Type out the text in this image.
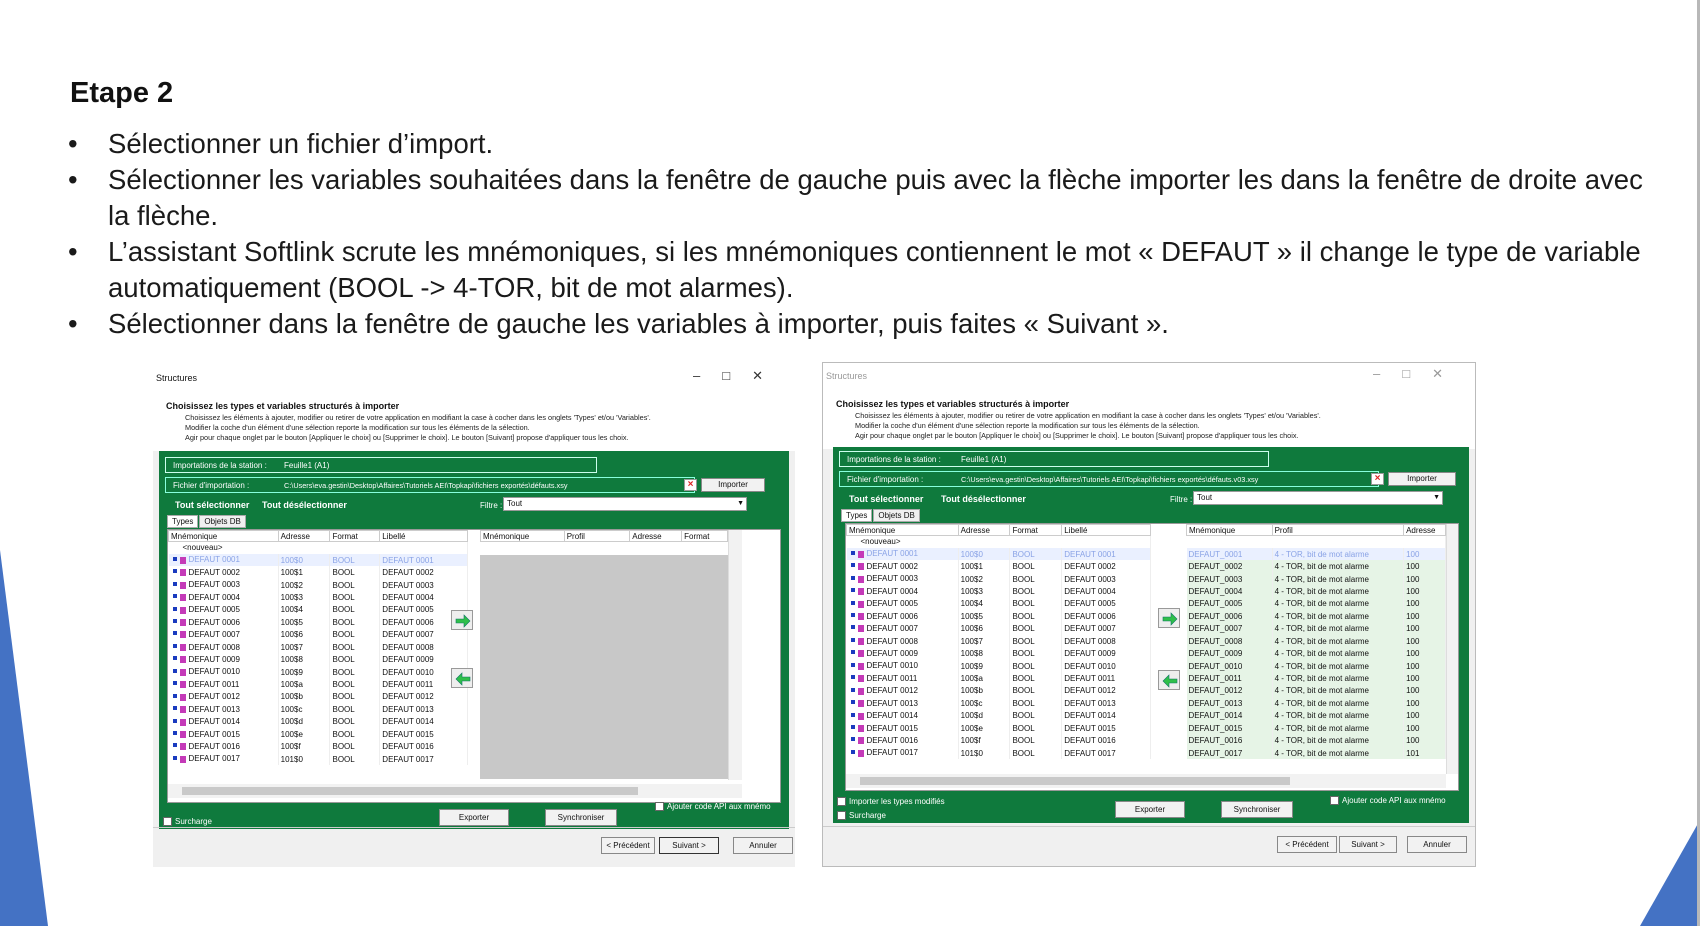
Etape 2
• Sélectionner un fichier d’import.
• Sélectionner les variables souhaitées dans la fenêtre de gauche puis avec la flèche importer les dans la fenêtre de droite avec la flèche.
• L’assistant Softlink scrute les mnémoniques, si les mnémoniques contiennent le mot « DEFAUT » il change le type de variable automatiquement (BOOL -> 4-TOR, bit de mot alarmes).
• Sélectionner dans la fenêtre de gauche les variables à importer, puis faites « Suivant ».
Structures	–□✕
Choisissez les types et variables structurés à importer
Choisissez les éléments à ajouter, modifier ou retirer de votre application en modifiant la case à cocher dans les onglets 'Types' et/ou 'Variables'.
Modifier la coche d'un élément d'une sélection reporte la modification sur tous les éléments de la sélection.
Agir pour chaque onglet par le bouton [Appliquer le choix] ou [Supprimer le choix]. Le bouton [Suivant] propose d'appliquer tous les choix.
Importations de la station : Feuille1 (A1)
Fichier d'importation :	C:\Users\eva.gestin\Desktop\Affaires\Tutoriels AEI\Topkapi\fichiers exportés\défauts.xsy	×	Importer
Tout sélectionner Tout désélectionner	Filtre : Tout	▼
Types Objets DB
Mnémonique	Adresse	Format	Libellé
<nouveau>			

DEFAUT 0001	100$0	BOOL	DEFAUT 0001

DEFAUT 0002	100$1	BOOL	DEFAUT 0002

DEFAUT 0003	100$2	BOOL	DEFAUT 0003

DEFAUT 0004	100$3	BOOL	DEFAUT 0004

DEFAUT 0005	100$4	BOOL	DEFAUT 0005

DEFAUT 0006	100$5	BOOL	DEFAUT 0006

DEFAUT 0007	100$6	BOOL	DEFAUT 0007

DEFAUT 0008	100$7	BOOL	DEFAUT 0008

DEFAUT 0009	100$8	BOOL	DEFAUT 0009

DEFAUT 0010	100$9	BOOL	DEFAUT 0010

DEFAUT 0011	100$a	BOOL	DEFAUT 0011

DEFAUT 0012	100$b	BOOL	DEFAUT 0012

DEFAUT 0013	100$c	BOOL	DEFAUT 0013

DEFAUT 0014	100$d	BOOL	DEFAUT 0014

DEFAUT 0015	100$e	BOOL	DEFAUT 0015

DEFAUT 0016	100$f	BOOL	DEFAUT 0016

DEFAUT 0017	101$0	BOOL	DEFAUT 0017
Mnémonique	Profil	Adresse	Format
Surcharge	Exporter	Synchroniser
Ajouter code API aux mnémo
< Précédent	Suivant >	Annuler
Structures	–□✕
Choisissez les types et variables structurés à importer
Choisissez les éléments à ajouter, modifier ou retirer de votre application en modifiant la case à cocher dans les onglets 'Types' et/ou 'Variables'.
Modifier la coche d'un élément d'une sélection reporte la modification sur tous les éléments de la sélection.
Agir pour chaque onglet par le bouton [Appliquer le choix] ou [Supprimer le choix]. Le bouton [Suivant] propose d'appliquer tous les choix.
Importations de la station :	Feuille1 (A1)
Fichier d'importation :	C:\Users\eva.gestin\Desktop\Affaires\Tutoriels AEI\Topkapi\fichiers exportés\défauts.v03.xsy	×	Importer
Tout sélectionner Tout désélectionner	Filtre : Tout	▼
Types Objets DB
Mnémonique	Adresse	Format	Libellé
<nouveau>			

DEFAUT 0001	100$0	BOOL	DEFAUT 0001

DEFAUT 0002	100$1	BOOL	DEFAUT 0002

DEFAUT 0003	100$2	BOOL	DEFAUT 0003

DEFAUT 0004	100$3	BOOL	DEFAUT 0004

DEFAUT 0005	100$4	BOOL	DEFAUT 0005

DEFAUT 0006	100$5	BOOL	DEFAUT 0006

DEFAUT 0007	100$6	BOOL	DEFAUT 0007

DEFAUT 0008	100$7	BOOL	DEFAUT 0008

DEFAUT 0009	100$8	BOOL	DEFAUT 0009

DEFAUT 0010	100$9	BOOL	DEFAUT 0010

DEFAUT 0011	100$a	BOOL	DEFAUT 0011

DEFAUT 0012	100$b	BOOL	DEFAUT 0012

DEFAUT 0013	100$c	BOOL	DEFAUT 0013

DEFAUT 0014	100$d	BOOL	DEFAUT 0014

DEFAUT 0015	100$e	BOOL	DEFAUT 0015

DEFAUT 0016	100$f	BOOL	DEFAUT 0016

DEFAUT 0017	101$0	BOOL	DEFAUT 0017
Mnémonique	Profil	Adresse

DEFAUT_0001	4 - TOR, bit de mot alarme	100
DEFAUT_0002	4 - TOR, bit de mot alarme	100
DEFAUT_0003	4 - TOR, bit de mot alarme	100
DEFAUT_0004	4 - TOR, bit de mot alarme	100
DEFAUT_0005	4 - TOR, bit de mot alarme	100
DEFAUT_0006	4 - TOR, bit de mot alarme	100
DEFAUT_0007	4 - TOR, bit de mot alarme	100
DEFAUT_0008	4 - TOR, bit de mot alarme	100
DEFAUT_0009	4 - TOR, bit de mot alarme	100
DEFAUT_0010	4 - TOR, bit de mot alarme	100
DEFAUT_0011	4 - TOR, bit de mot alarme	100
DEFAUT_0012	4 - TOR, bit de mot alarme	100
DEFAUT_0013	4 - TOR, bit de mot alarme	100
DEFAUT_0014	4 - TOR, bit de mot alarme	100
DEFAUT_0015	4 - TOR, bit de mot alarme	100
DEFAUT_0016	4 - TOR, bit de mot alarme	100
DEFAUT_0017	4 - TOR, bit de mot alarme	101
Importer les types modifiés
Surcharge
Exporter	Synchroniser
Ajouter code API aux mnémo
< Précédent	Suivant >	Annuler
